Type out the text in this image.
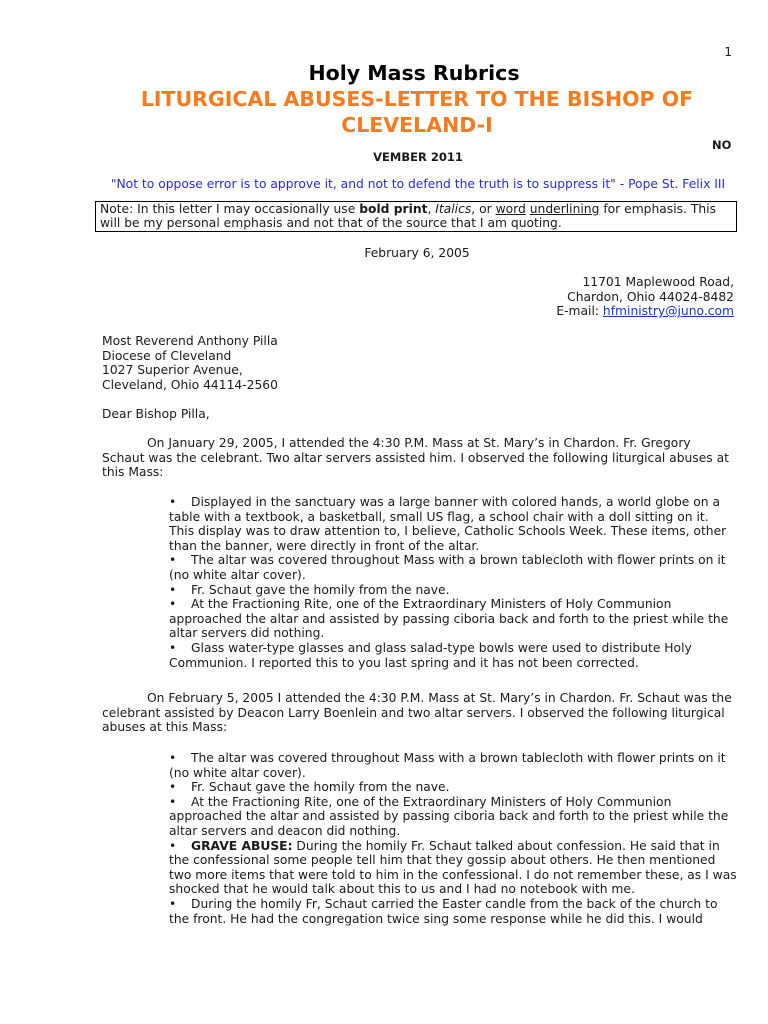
1
Holy Mass Rubrics
LITURGICAL ABUSES-LETTER TO THE BISHOP OF
CLEVELAND-I
NO
VEMBER 2011
"Not to oppose error is to approve it, and not to defend the truth is to suppress it" - Pope St. Felix III
Note: In this letter I may occasionally use bold print, Italics, or word underlining for emphasis. This will be my personal emphasis and not that of the source that I am quoting.
February 6, 2005
11701 Maplewood Road,
Chardon, Ohio 44024-8482
E-mail: hfministry@juno.com
Most Reverend Anthony Pilla
Diocese of Cleveland
1027 Superior Avenue,
Cleveland, Ohio 44114-2560
Dear Bishop Pilla,
On January 29, 2005, I attended the 4:30 P.M. Mass at St. Mary’s in Chardon. Fr. Gregory Schaut was the celebrant. Two altar servers assisted him. I observed the following liturgical abuses at this Mass:
• Displayed in the sanctuary was a large banner with colored hands, a world globe on a table with a textbook, a basketball, small US flag, a school chair with a doll sitting on it. This display was to draw attention to, I believe, Catholic Schools Week. These items, other than the banner, were directly in front of the altar.
• The altar was covered throughout Mass with a brown tablecloth with flower prints on it (no white altar cover).
• Fr. Schaut gave the homily from the nave.
• At the Fractioning Rite, one of the Extraordinary Ministers of Holy Communion approached the altar and assisted by passing ciboria back and forth to the priest while the altar servers did nothing.
• Glass water-type glasses and glass salad-type bowls were used to distribute Holy Communion. I reported this to you last spring and it has not been corrected.
On February 5, 2005 I attended the 4:30 P.M. Mass at St. Mary’s in Chardon. Fr. Schaut was the celebrant assisted by Deacon Larry Boenlein and two altar servers. I observed the following liturgical abuses at this Mass:
• The altar was covered throughout Mass with a brown tablecloth with flower prints on it (no white altar cover).
• Fr. Schaut gave the homily from the nave.
• At the Fractioning Rite, one of the Extraordinary Ministers of Holy Communion approached the altar and assisted by passing ciboria back and forth to the priest while the altar servers and deacon did nothing.
• GRAVE ABUSE: During the homily Fr. Schaut talked about confession. He said that in the confessional some people tell him that they gossip about others. He then mentioned two more items that were told to him in the confessional. I do not remember these, as I was shocked that he would talk about this to us and I had no notebook with me.
• During the homily Fr, Schaut carried the Easter candle from the back of the church to the front. He had the congregation twice sing some response while he did this. I would
